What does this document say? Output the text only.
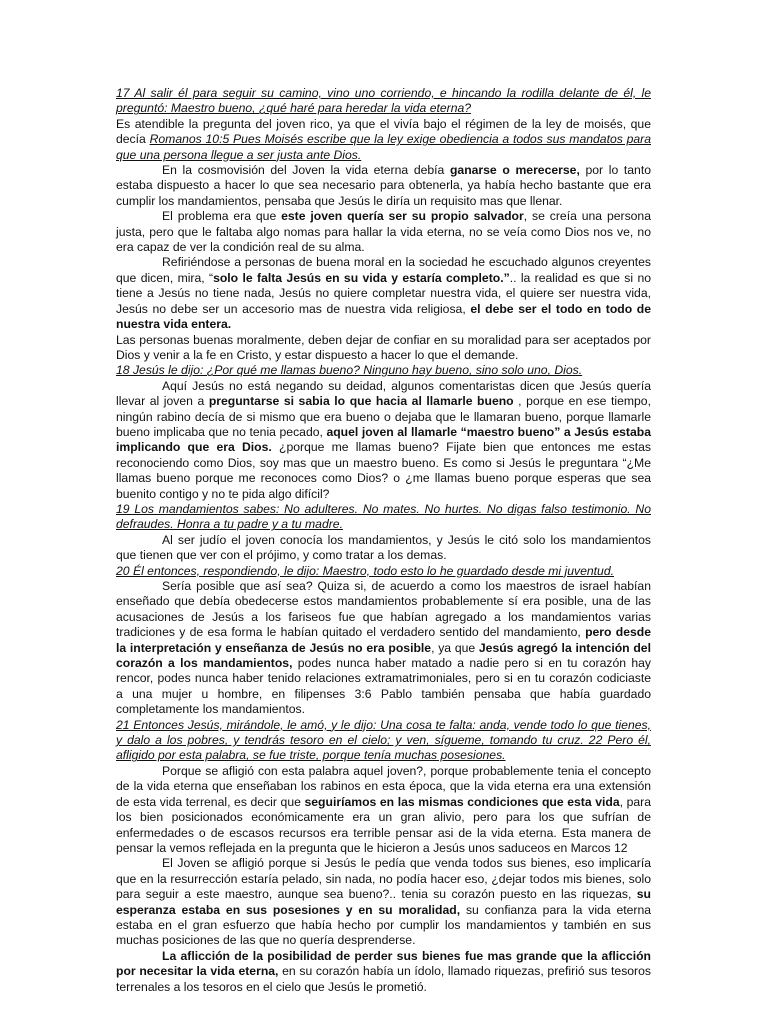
17 Al salir él para seguir su camino, vino uno corriendo, e hincando la rodilla delante de él, le preguntó: Maestro bueno, ¿qué haré para heredar la vida eterna?

Es atendible la pregunta del joven rico, ya que el vivía bajo el régimen de la ley de moisés, que decía Romanos 10:5 Pues Moisés escribe que la ley exige obediencia a todos sus mandatos para que una persona llegue a ser justa ante Dios.

En la cosmovisión del Joven la vida eterna debía ganarse o merecerse, por lo tanto estaba dispuesto a hacer lo que sea necesario para obtenerla, ya había hecho bastante que era cumplir los mandamientos, pensaba que Jesús le diría un requisito mas que llenar.

El problema era que este joven quería ser su propio salvador, se creía una persona justa, pero que le faltaba algo nomas para hallar la vida eterna, no se veía como Dios nos ve, no era capaz de ver la condición real de su alma.

Refiriéndose a personas de buena moral en la sociedad he escuchado algunos creyentes que dicen, mira, “solo le falta Jesús en su vida y estaría completo.”.. la realidad es que si no tiene a Jesús no tiene nada, Jesús no quiere completar nuestra vida, el quiere ser nuestra vida, Jesús no debe ser un accesorio mas de nuestra vida religiosa, el debe ser el todo en todo de nuestra vida entera.

Las personas buenas moralmente, deben dejar de confiar en su moralidad para ser aceptados por Dios y venir a la fe en Cristo, y estar dispuesto a hacer lo que el demande.

18 Jesús le dijo: ¿Por qué me llamas bueno? Ninguno hay bueno, sino solo uno, Dios.

Aquí Jesús no está negando su deidad, algunos comentaristas dicen que Jesús quería llevar al joven a preguntarse si sabia lo que hacia al llamarle bueno , porque en ese tiempo, ningún rabino decía de si mismo que era bueno o dejaba que le llamaran bueno, porque llamarle bueno implicaba que no tenia pecado, aquel joven al llamarle “maestro bueno” a Jesús estaba implicando que era Dios. ¿porque me llamas bueno? Fijate bien que entonces me estas reconociendo como Dios, soy mas que un maestro bueno. Es como si Jesús le preguntara “¿Me llamas bueno porque me reconoces como Dios? o ¿me llamas bueno porque esperas que sea buenito contigo y no te pida algo difícil?

19 Los mandamientos sabes: No adulteres. No mates. No hurtes. No digas falso testimonio. No defraudes. Honra a tu padre y a tu madre.

Al ser judío el joven conocía los mandamientos, y Jesús le citó solo los mandamientos que tienen que ver con el prójimo, y como tratar a los demas.

20 Él entonces, respondiendo, le dijo: Maestro, todo esto lo he guardado desde mi juventud.

Sería posible que así sea? Quiza si, de acuerdo a como los maestros de israel habían enseñado que debía obedecerse estos mandamientos probablemente sí era posible, una de las acusaciones de Jesús a los fariseos fue que habían agregado a los mandamientos varias tradiciones y de esa forma le habían quitado el verdadero sentido del mandamiento, pero desde la interpretación y enseñanza de Jesús no era posible, ya que Jesús agregó la intención del corazón a los mandamientos, podes nunca haber matado a nadie pero si en tu corazón hay rencor, podes nunca haber tenido relaciones extramatrimoniales, pero si en tu corazón codiciaste a una mujer u hombre, en filipenses 3:6 Pablo también pensaba que había guardado completamente los mandamientos.

21 Entonces Jesús, mirándole, le amó, y le dijo: Una cosa te falta: anda, vende todo lo que tienes, y dalo a los pobres, y tendrás tesoro en el cielo; y ven, sígueme, tomando tu cruz. 22 Pero él, afligido por esta palabra, se fue triste, porque tenía muchas posesiones.

Porque se afligió con esta palabra aquel joven?, porque probablemente tenia el concepto de la vida eterna que enseñaban los rabinos en esta época, que la vida eterna era una extensión de esta vida terrenal, es decir que seguiríamos en las mismas condiciones que esta vida, para los bien posicionados económicamente era un gran alivio, pero para los que sufrían de enfermedades o de escasos recursos era terrible pensar asi de la vida eterna. Esta manera de pensar la vemos reflejada en la pregunta que le hicieron a Jesús unos saduceos en Marcos 12

El Joven se afligió porque si Jesús le pedía que venda todos sus bienes, eso implicaría que en la resurrección estaría pelado, sin nada, no podía hacer eso, ¿dejar todos mis bienes, solo para seguir a este maestro, aunque sea bueno?.. tenia su corazón puesto en las riquezas, su esperanza estaba en sus posesiones y en su moralidad, su confianza para la vida eterna estaba en el gran esfuerzo que había hecho por cumplir los mandamientos y también en sus muchas posiciones de las que no quería desprenderse.

La aflicción de la posibilidad de perder sus bienes fue mas grande que la aflicción por necesitar la vida eterna, en su corazón había un ídolo, llamado riquezas, prefirió sus tesoros terrenales a los tesoros en el cielo que Jesús le prometió.
